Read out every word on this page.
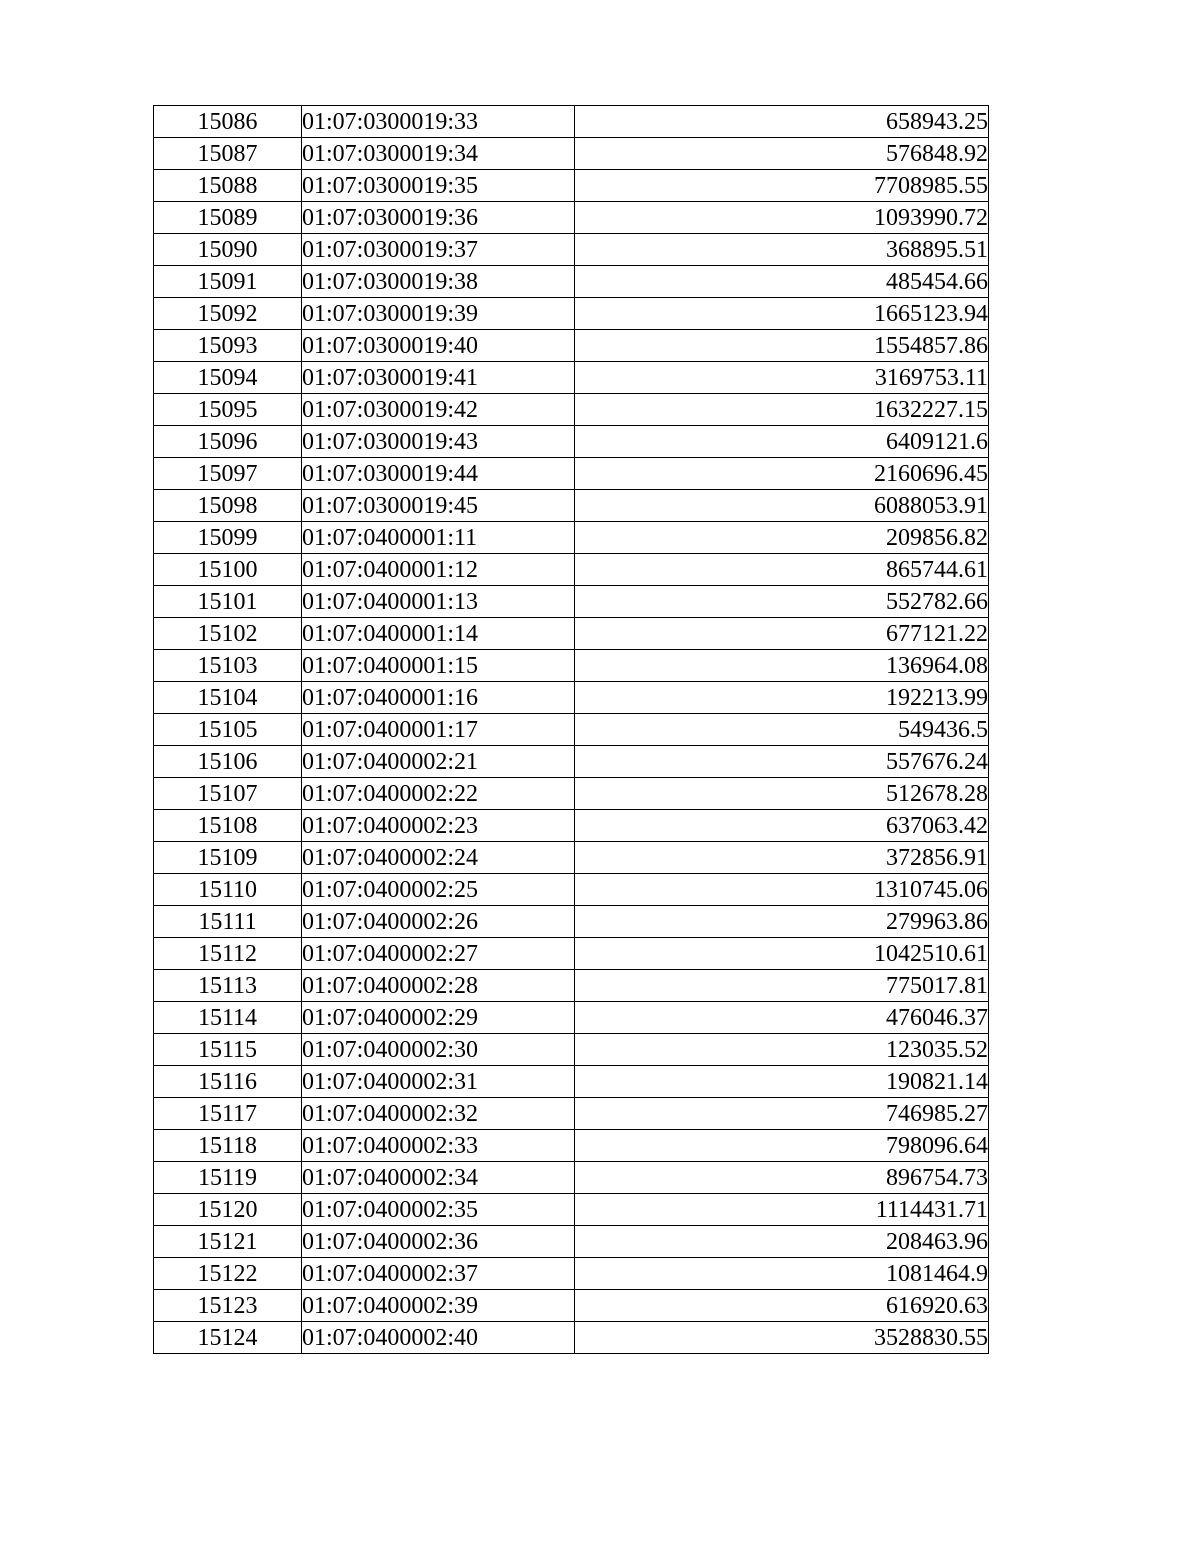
15086	01:07:0300019:33	658943.25
15087	01:07:0300019:34	576848.92
15088	01:07:0300019:35	7708985.55
15089	01:07:0300019:36	1093990.72
15090	01:07:0300019:37	368895.51
15091	01:07:0300019:38	485454.66
15092	01:07:0300019:39	1665123.94
15093	01:07:0300019:40	1554857.86
15094	01:07:0300019:41	3169753.11
15095	01:07:0300019:42	1632227.15
15096	01:07:0300019:43	6409121.6
15097	01:07:0300019:44	2160696.45
15098	01:07:0300019:45	6088053.91
15099	01:07:0400001:11	209856.82
15100	01:07:0400001:12	865744.61
15101	01:07:0400001:13	552782.66
15102	01:07:0400001:14	677121.22
15103	01:07:0400001:15	136964.08
15104	01:07:0400001:16	192213.99
15105	01:07:0400001:17	549436.5
15106	01:07:0400002:21	557676.24
15107	01:07:0400002:22	512678.28
15108	01:07:0400002:23	637063.42
15109	01:07:0400002:24	372856.91
15110	01:07:0400002:25	1310745.06
15111	01:07:0400002:26	279963.86
15112	01:07:0400002:27	1042510.61
15113	01:07:0400002:28	775017.81
15114	01:07:0400002:29	476046.37
15115	01:07:0400002:30	123035.52
15116	01:07:0400002:31	190821.14
15117	01:07:0400002:32	746985.27
15118	01:07:0400002:33	798096.64
15119	01:07:0400002:34	896754.73
15120	01:07:0400002:35	1114431.71
15121	01:07:0400002:36	208463.96
15122	01:07:0400002:37	1081464.9
15123	01:07:0400002:39	616920.63
15124	01:07:0400002:40	3528830.55
